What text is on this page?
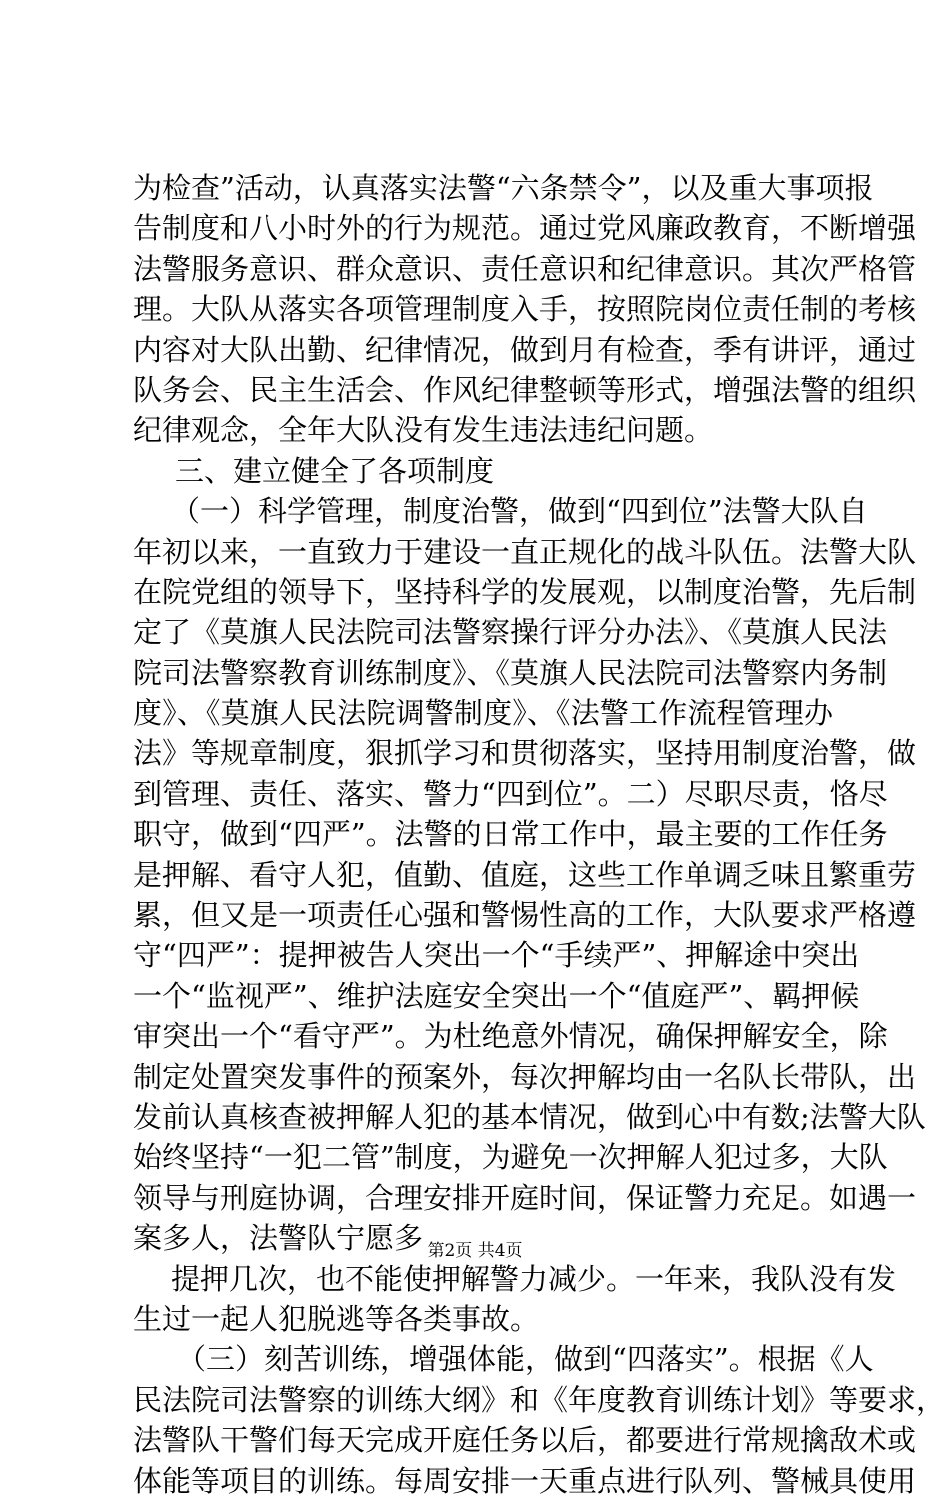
为检查”活动，认真落实法警“六条禁令”，以及重大事项报
告制度和八小时外的行为规范。通过党风廉政教育，不断增强
法警服务意识、群众意识、责任意识和纪律意识。其次严格管
理。大队从落实各项管理制度入手，按照院岗位责任制的考核
内容对大队出勤、纪律情况，做到月有检查，季有讲评，通过
队务会、民主生活会、作风纪律整顿等形式，增强法警的组织
纪律观念，全年大队没有发生违法违纪问题。
三、建立健全了各项制度
（一）科学管理，制度治警，做到“四到位”法警大队自
年初以来，一直致力于建设一直正规化的战斗队伍。法警大队
在院党组的领导下，坚持科学的发展观，以制度治警，先后制
定了《莫旗人民法院司法警察操行评分办法》、《莫旗人民法
院司法警察教育训练制度》、《莫旗人民法院司法警察内务制
度》、《莫旗人民法院调警制度》、《法警工作流程管理办
法》等规章制度，狠抓学习和贯彻落实，坚持用制度治警，做
到管理、责任、落实、警力“四到位”。二）尽职尽责，恪尽
职守，做到“四严”。法警的日常工作中，最主要的工作任务
是押解、看守人犯，值勤、值庭，这些工作单调乏味且繁重劳
累，但又是一项责任心强和警惕性高的工作，大队要求严格遵
守“四严”：提押被告人突出一个“手续严”、押解途中突出
一个“监视严”、维护法庭安全突出一个“值庭严”、羁押候
审突出一个“看守严”。为杜绝意外情况，确保押解安全，除
制定处置突发事件的预案外，每次押解均由一名队长带队，出
发前认真核查被押解人犯的基本情况，做到心中有数;法警大队
始终坚持“一犯二管”制度，为避免一次押解人犯过多，大队
领导与刑庭协调，合理安排开庭时间，保证警力充足。如遇一
案多人，法警队宁愿多
提押几次，也不能使押解警力减少。一年来，我队没有发
生过一起人犯脱逃等各类事故。
（三）刻苦训练，增强体能，做到“四落实”。根据《人
民法院司法警察的训练大纲》和《年度教育训练计划》等要求，
法警队干警们每天完成开庭任务以后，都要进行常规擒敌术或
体能等项目的训练。每周安排一天重点进行队列、警械具使用
第2页 共4页
